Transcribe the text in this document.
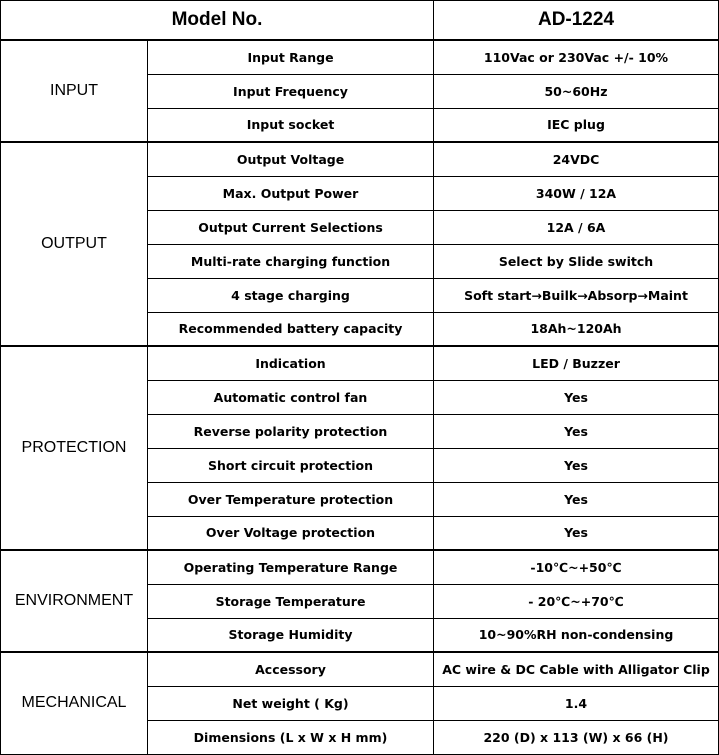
Model No.		AD-1224
INPUT	Input Range	110Vac or 230Vac +/- 10%
	Input Frequency	50~60Hz
	Input socket	IEC plug
OUTPUT	Output Voltage	24VDC
	Max. Output Power	340W / 12A
	Output Current Selections	12A / 6A
	Multi-rate charging function	Select by Slide switch
	4 stage charging	Soft start→Builk→Absorp→Maint
	Recommended battery capacity	18Ah~120Ah
PROTECTION	Indication	LED / Buzzer
	Automatic control fan	Yes
	Reverse polarity protection	Yes
	Short circuit protection	Yes
	Over Temperature protection	Yes
	Over Voltage protection	Yes
ENVIRONMENT	Operating Temperature Range	-10℃~+50℃
	Storage Temperature	- 20℃~+70℃
	Storage Humidity	10~90%RH non-condensing
MECHANICAL	Accessory	AC wire & DC Cable with Alligator Clip
	Net weight ( Kg)	1.4
	Dimensions (L x W x H mm)	220 (D) x 113 (W) x 66 (H)
